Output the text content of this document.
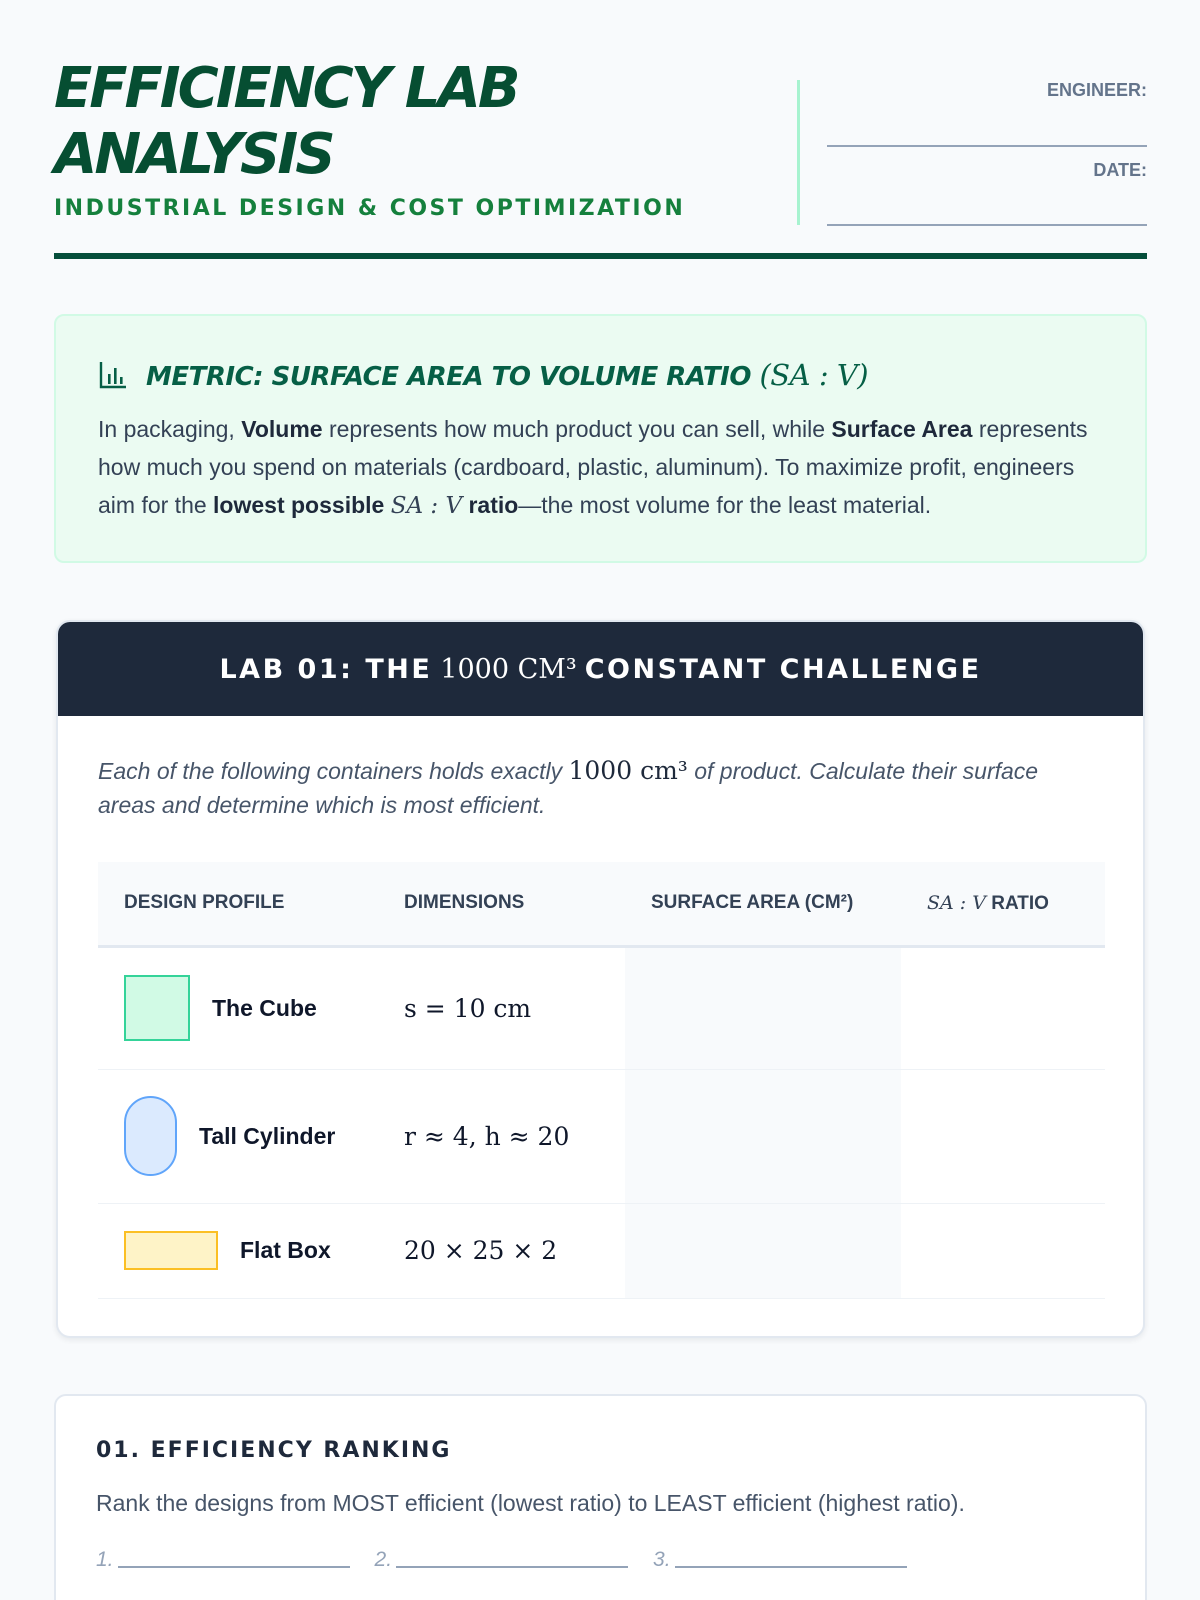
EFFICIENCY LAB
ANALYSIS
INDUSTRIAL DESIGN & COST OPTIMIZATION
ENGINEER:
DATE:
METRIC: SURFACE AREA TO VOLUME RATIO (SA : V)
In packaging, Volume represents how much product you can sell, while Surface Area represents how much you spend on materials (cardboard, plastic, aluminum). To maximize profit, engineers aim for the lowest possible SA : V ratio—the most volume for the least material.
LAB 01: THE 1000 CM³ CONSTANT CHALLENGE
Each of the following containers holds exactly 1000 cm³ of product. Calculate their surface areas and determine which is most efficient.
DESIGN PROFILE	DIMENSIONS	SURFACE AREA (CM²)	SA : V RATIO

The Cube	s = 10 cm		

Tall Cylinder	r ≈ 4, h ≈ 20		

Flat Box	20 × 25 × 2		
01. EFFICIENCY RANKING
Rank the designs from MOST efficient (lowest ratio) to LEAST efficient (highest ratio).
1.	2.	3.
